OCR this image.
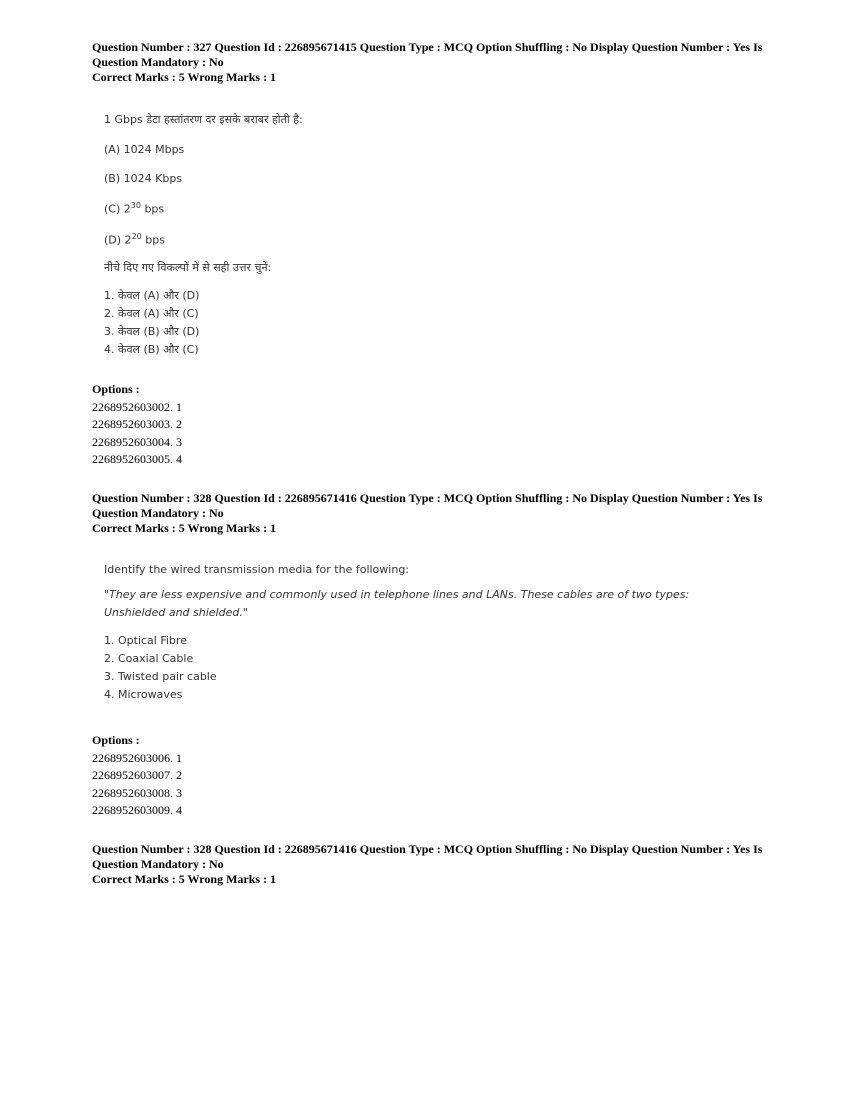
Question Number : 327 Question Id : 226895671415 Question Type : MCQ Option Shuffling : No Display Question Number : Yes Is
Question Mandatory : No
Correct Marks : 5 Wrong Marks : 1

1 Gbps डेटा हस्तांतरण दर इसके बराबर होती है:

(A) 1024 Mbps

(B) 1024 Kbps

(C) $2^{30}$ bps

(D) $2^{20}$ bps

नीचे दिए गए विकल्पों में से सही उत्तर चुनें:

1. केवल (A) और (D)
2. केवल (A) और (C)
3. केवल (B) और (D)
4. केवल (B) और (C)
Options :
2268952603002. 1
2268952603003. 2
2268952603004. 3
2268952603005. 4
Question Number : 328 Question Id : 226895671416 Question Type : MCQ Option Shuffling : No Display Question Number : Yes Is
Question Mandatory : No
Correct Marks : 5 Wrong Marks : 1

Identify the wired transmission media for the following:

"They are less expensive and commonly used in telephone lines and LANs. These cables are of two types: Unshielded and shielded."

1. Optical Fibre
2. Coaxial Cable
3. Twisted pair cable
4. Microwaves
Options :
2268952603006. 1
2268952603007. 2
2268952603008. 3
2268952603009. 4
Question Number : 328 Question Id : 226895671416 Question Type : MCQ Option Shuffling : No Display Question Number : Yes Is
Question Mandatory : No
Correct Marks : 5 Wrong Marks : 1
